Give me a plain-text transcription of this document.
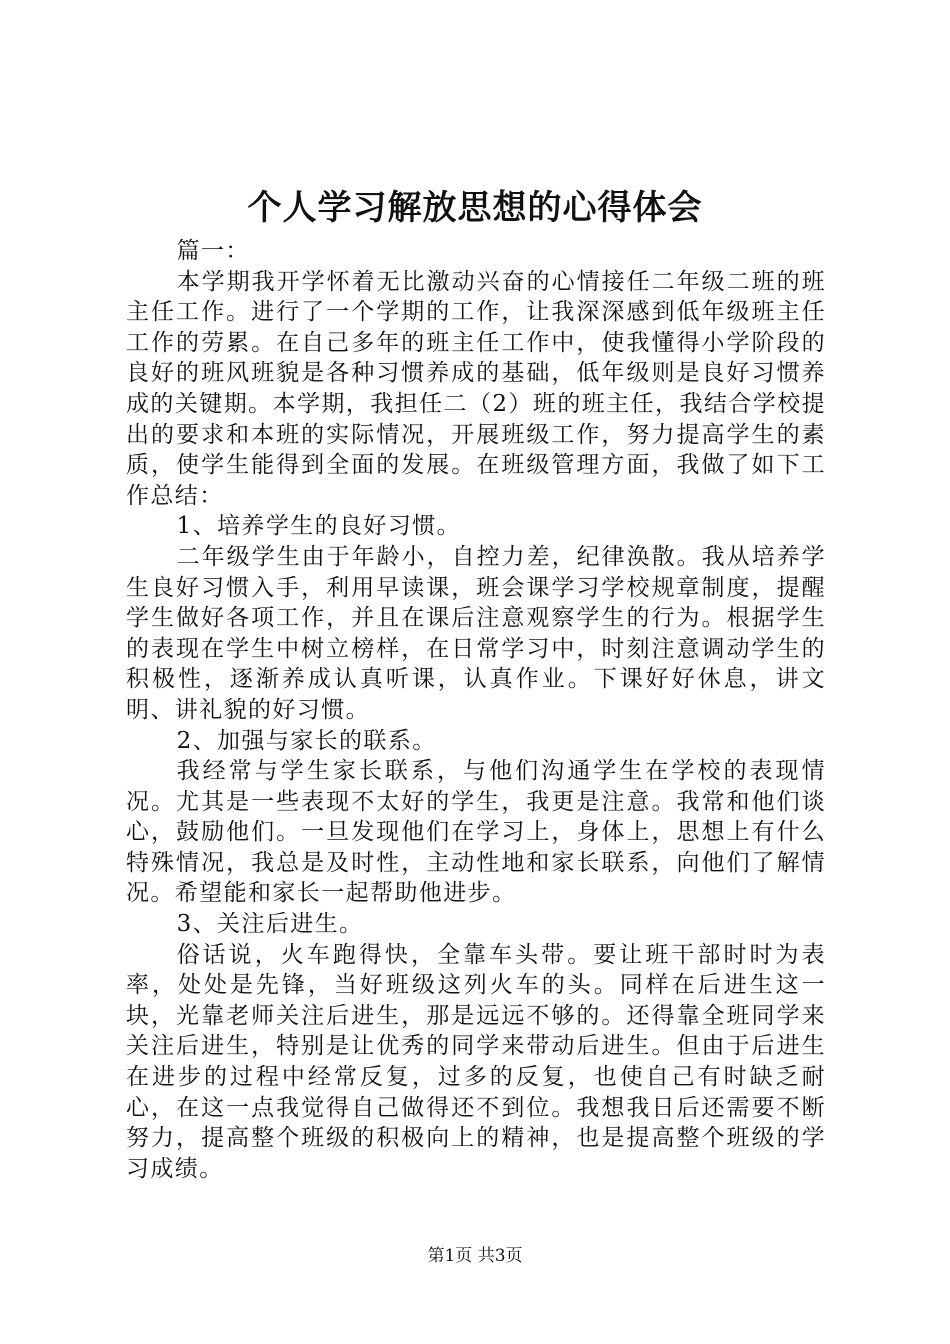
个人学习解放思想的心得体会

篇一：

本学期我开学怀着无比激动兴奋的心情接任二年级二班的班主任工作。进行了一个学期的工作，让我深深感到低年级班主任工作的劳累。在自己多年的班主任工作中，使我懂得小学阶段的良好的班风班貌是各种习惯养成的基础，低年级则是良好习惯养成的关键期。本学期，我担任二（2）班的班主任，我结合学校提出的要求和本班的实际情况，开展班级工作，努力提高学生的素质，使学生能得到全面的发展。在班级管理方面，我做了如下工作总结：

1、培养学生的良好习惯。

二年级学生由于年龄小，自控力差，纪律涣散。我从培养学生良好习惯入手，利用早读课，班会课学习学校规章制度，提醒学生做好各项工作，并且在课后注意观察学生的行为。根据学生的表现在学生中树立榜样，在日常学习中，时刻注意调动学生的积极性，逐渐养成认真听课，认真作业。下课好好休息，讲文明、讲礼貌的好习惯。

2、加强与家长的联系。

我经常与学生家长联系，与他们沟通学生在学校的表现情况。尤其是一些表现不太好的学生，我更是注意。我常和他们谈心，鼓励他们。一旦发现他们在学习上，身体上，思想上有什么特殊情况，我总是及时性，主动性地和家长联系，向他们了解情况。希望能和家长一起帮助他进步。

3、关注后进生。

俗话说，火车跑得快，全靠车头带。要让班干部时时为表率，处处是先锋，当好班级这列火车的头。同样在后进生这一块，光靠老师关注后进生，那是远远不够的。还得靠全班同学来关注后进生，特别是让优秀的同学来带动后进生。但由于后进生在进步的过程中经常反复，过多的反复，也使自己有时缺乏耐心，在这一点我觉得自己做得还不到位。我想我日后还需要不断努力，提高整个班级的积极向上的精神，也是提高整个班级的学习成绩。

第1页 共3页
